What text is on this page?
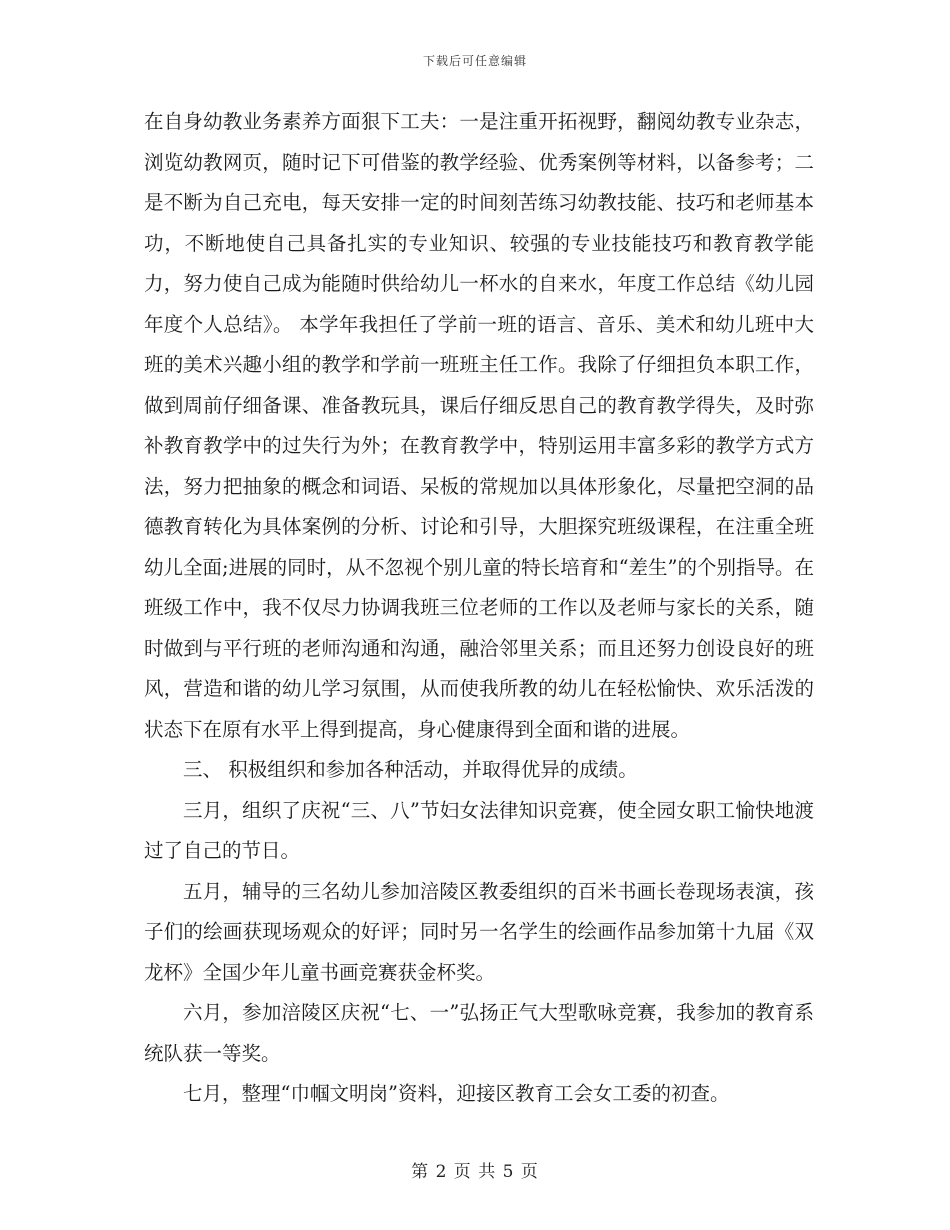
下载后可任意编辑

在自身幼教业务素养方面狠下工夫：一是注重开拓视野，翻阅幼教专业杂志，浏览幼教网页，随时记下可借鉴的教学经验、优秀案例等材料，以备参考；二是不断为自己充电，每天安排一定的时间刻苦练习幼教技能、技巧和老师基本功，不断地使自己具备扎实的专业知识、较强的专业技能技巧和教育教学能力，努力使自己成为能随时供给幼儿一杯水的自来水，年度工作总结《幼儿园年度个人总结》。 本学年我担任了学前一班的语言、音乐、美术和幼儿班中大班的美术兴趣小组的教学和学前一班班主任工作。我除了仔细担负本职工作，做到周前仔细备课、准备教玩具，课后仔细反思自己的教育教学得失，及时弥补教育教学中的过失行为外；在教育教学中，特别运用丰富多彩的教学方式方法，努力把抽象的概念和词语、呆板的常规加以具体形象化，尽量把空洞的品德教育转化为具体案例的分析、讨论和引导，大胆探究班级课程，在注重全班幼儿全面;进展的同时，从不忽视个别儿童的特长培育和“差生”的个别指导。在班级工作中，我不仅尽力协调我班三位老师的工作以及老师与家长的关系，随时做到与平行班的老师沟通和沟通，融洽邻里关系；而且还努力创设良好的班风，营造和谐的幼儿学习氛围，从而使我所教的幼儿在轻松愉快、欢乐活泼的状态下在原有水平上得到提高，身心健康得到全面和谐的进展。

三、 积极组织和参加各种活动，并取得优异的成绩。

三月，组织了庆祝“三、八”节妇女法律知识竞赛，使全园女职工愉快地渡过了自己的节日。

五月，辅导的三名幼儿参加涪陵区教委组织的百米书画长卷现场表演，孩子们的绘画获现场观众的好评；同时另一名学生的绘画作品参加第十九届《双龙杯》全国少年儿童书画竞赛获金杯奖。

六月，参加涪陵区庆祝“七、一”弘扬正气大型歌咏竞赛，我参加的教育系统队获一等奖。

七月，整理“巾帼文明岗”资料，迎接区教育工会女工委的初查。

第 2 页 共 5 页
